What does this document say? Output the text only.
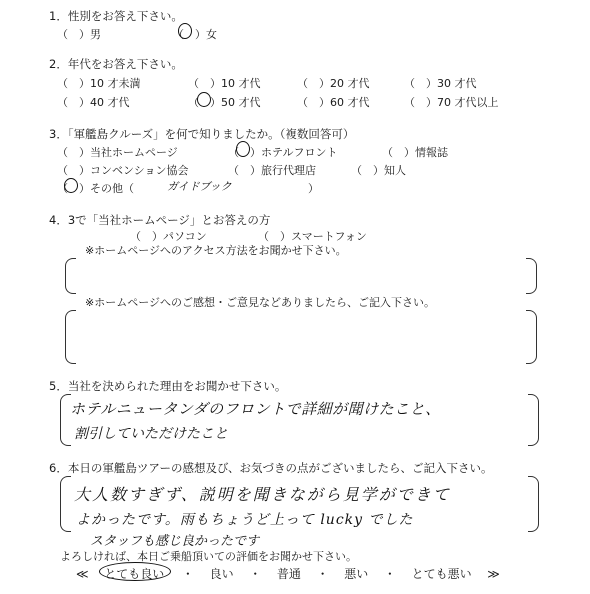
1．性別をお答え下さい。
（　）男	（　）女
2．年代をお答え下さい。
（　）10 才未満	（　）10 才代	（　）20 才代	（　）30 才代
（　）40 才代	（　）50 才代	（　）60 才代	（　）70 才代以上
3．「軍艦島クルーズ」を何で知りましたか。（複数回答可）
（　）当社ホームページ	（　）ホテルフロント	（　）情報誌
（　）コンベンション協会	（　）旅行代理店	（　）知人
（　）その他（	ガイドブック	）
4．3で「当社ホームページ」とお答えの方
（　）パソコン	（　）スマートフォン
※ホームページへのアクセス方法をお聞かせ下さい。
※ホームページへのご感想・ご意見などありましたら、ご記入下さい。
5．当社を決められた理由をお聞かせ下さい。
ホテルニュータンダのフロントで詳細が聞けたこと、
割引していただけたこと
6．本日の軍艦島ツアーの感想及び、お気づきの点がございましたら、ご記入下さい。
大人数すぎず、説明を聞きながら見学ができて
よかったです。雨もちょうど上って lucky でした
スタッフも感じ良かったです
よろしければ、本日ご乗船頂いての評価をお聞かせ下さい。
≪ とても良い ・ 良い ・ 普通 ・ 悪い ・ とても悪い ≫
